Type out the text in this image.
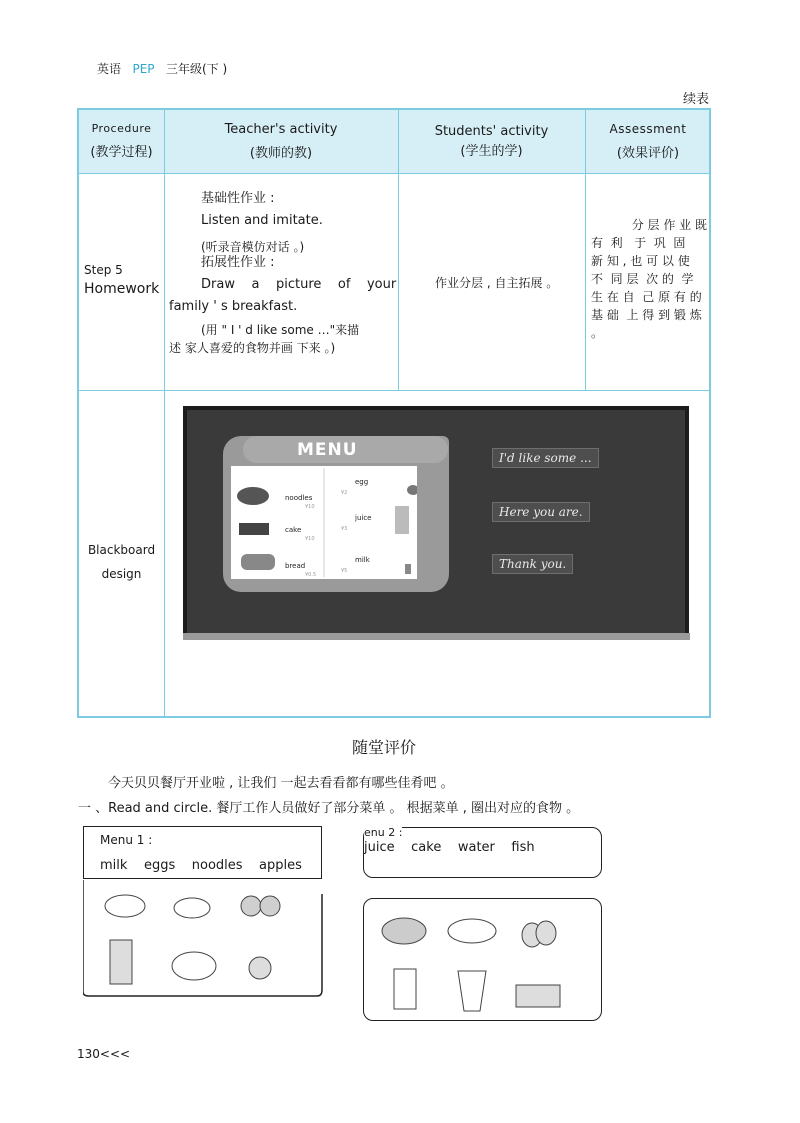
英语 PEP 三年级(下 )
续表
Procedure
(教学过程)
Teacher's activity
(教师的教)
Students' activity
(学生的学)
Assessment
(效果评价)
Step 5
Homework
基础性作业 :
Listen and imitate.
(听录音模仿对话 。)
拓展性作业 :
Draw    a    picture    of    your
family ' s breakfast.
(用 " I ' d like some …"来描
述 家人喜爱的食物并画 下来 。)
作业分层 , 自主拓展 。
分 层 作 业 既
有  利   于  巩  固
新 知 , 也 可 以 使
不  同 层  次 的  学
生 在 自  己 原 有 的
基 础  上 得 到 锻 炼
。
Blackboard
design
MENU
noodles
cake
bread
egg
juice
milk
¥10
¥10
¥0.5
¥2
¥3
¥5
I'd like some ...
Here you are.
Thank you.
随堂评价
今天贝贝餐厅开业啦 , 让我们 一起去看看都有哪些佳肴吧 。
一 、Read and circle. 餐厅工作人员做好了部分菜单 。 根据菜单 , 圈出对应的食物 。
Menu 1 :
milk    eggs    noodles    apples
enu 2 :
juice    cake    water    fish
130<<<
